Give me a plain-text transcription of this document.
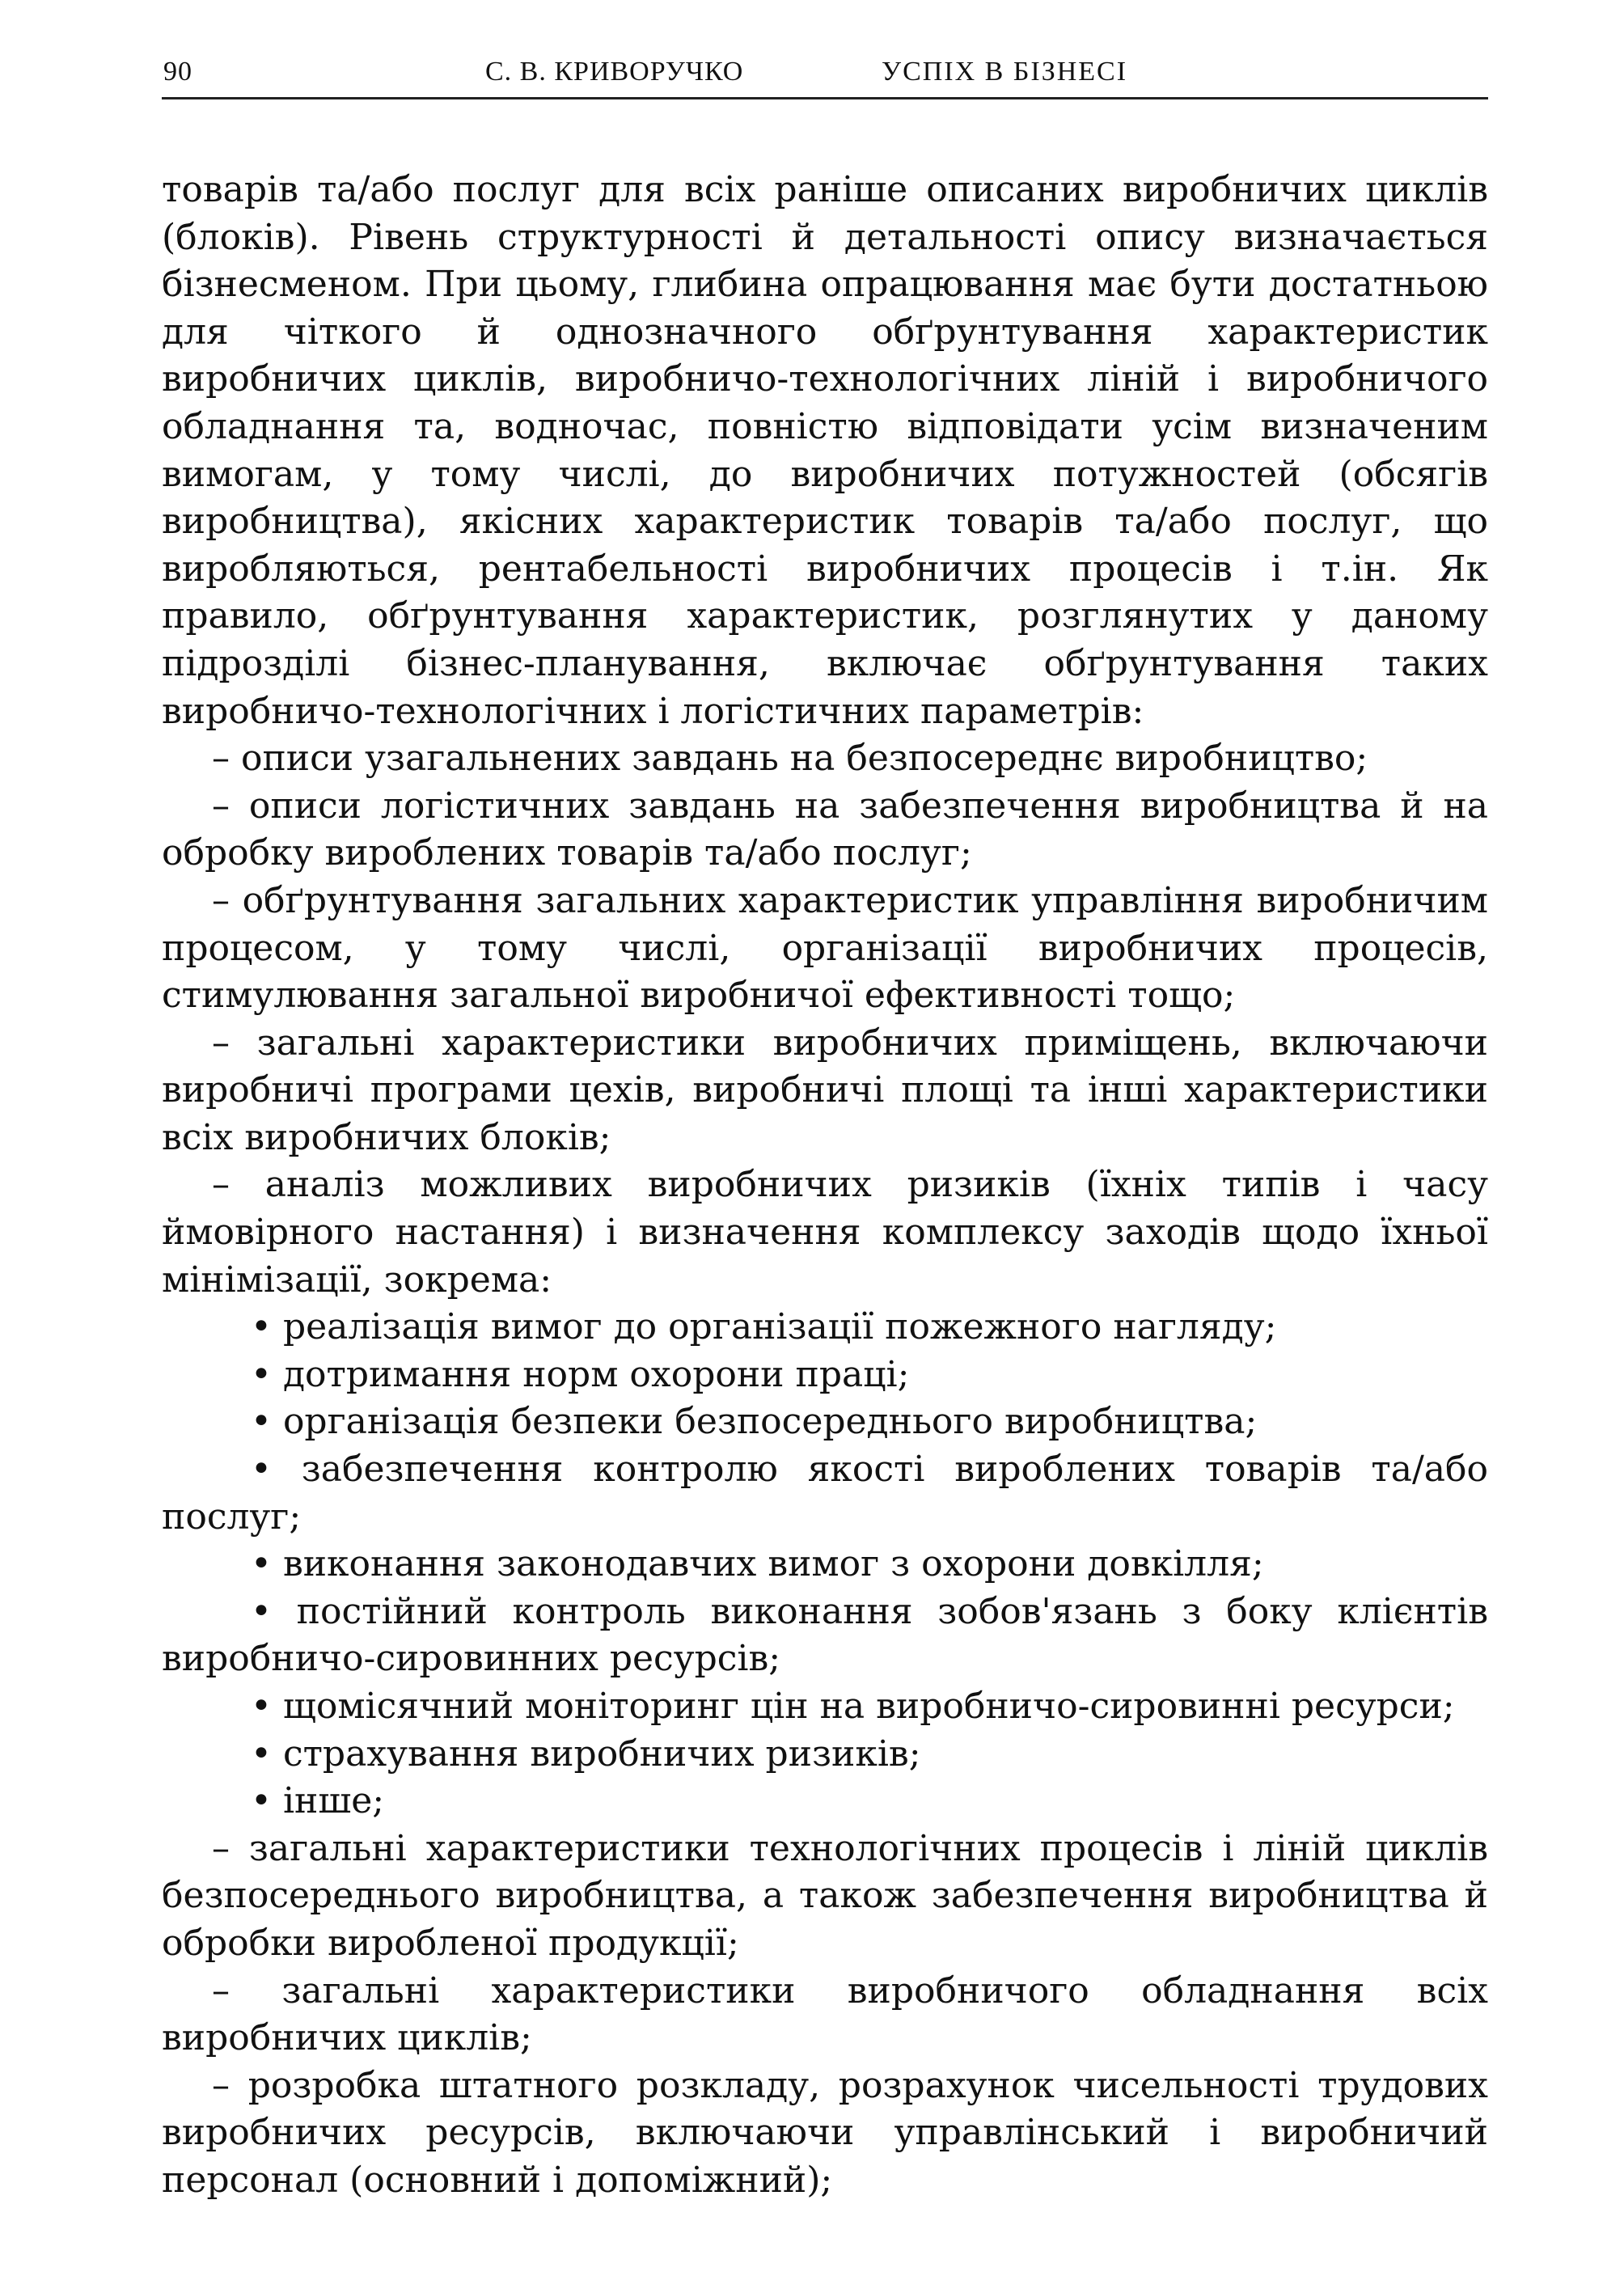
90	С. В. КРИВОРУЧКО	УСПІХ В БІЗНЕСІ

товарів та/або послуг для всіх раніше описаних виробничих циклів (блоків). Рівень структурності й детальності опису визначається бізнесменом. При цьому, глибина опрацювання має бути достатньою для чіткого й однозначного обґрунтування характеристик виробничих циклів, виробничо-технологічних ліній і виробничого обладнання та, водночас, повністю відповідати усім визначеним вимогам, у тому числі, до виробничих потужностей (обсягів виробництва), якісних характеристик товарів та/або послуг, що виробляються, рентабельності виробничих процесів і т.ін. Як правило, обґрунтування характеристик, розглянутих у даному підрозділі бізнес-планування, включає обґрунтування таких виробничо-технологічних і логістичних параметрів:

– описи узагальнених завдань на безпосереднє виробництво;

– описи логістичних завдань на забезпечення виробництва й на обробку вироблених товарів та/або послуг;

– обґрунтування загальних характеристик управління виробничим процесом, у тому числі, організації виробничих процесів, стимулювання загальної виробничої ефективності тощо;

– загальні характеристики виробничих приміщень, включаючи виробничі програми цехів, виробничі площі та інші характеристики всіх виробничих блоків;

– аналіз можливих виробничих ризиків (їхніх типів і часу ймовірного настання) і визначення комплексу заходів щодо їхньої мінімізації, зокрема:

• реалізація вимог до організації пожежного нагляду;

• дотримання норм охорони праці;

• організація безпеки безпосереднього виробництва;

• забезпечення контролю якості вироблених товарів та/або послуг;

• виконання законодавчих вимог з охорони довкілля;

• постійний контроль виконання зобов'язань з боку клієнтів виробничо-сировинних ресурсів;

• щомісячний моніторинг цін на виробничо-сировинні ресурси;

• страхування виробничих ризиків;

• інше;

– загальні характеристики технологічних процесів і ліній циклів безпосереднього виробництва, а також забезпечення виробництва й обробки виробленої продукції;

– загальні характеристики виробничого обладнання всіх виробничих циклів;

– розробка штатного розкладу, розрахунок чисельності трудових виробничих ресурсів, включаючи управлінський і виробничий персонал (основний і допоміжний);
